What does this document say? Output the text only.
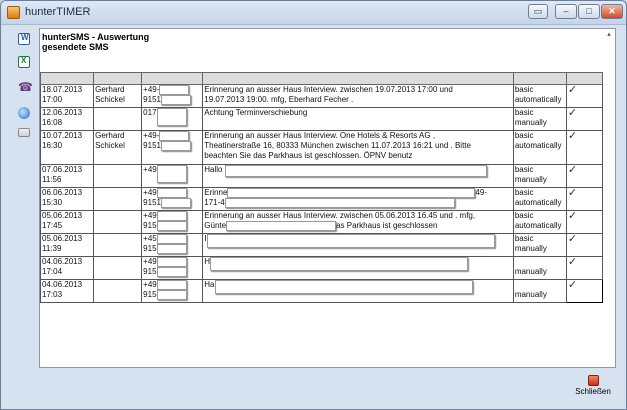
hunterTIMER	▭	–	□	✕
W
X
☎
hunterSMS - Auswertung
gesendete SMS
▴

18.07.2013
17:00	Gerhard
Schickel	+49-
9151	Erinnerung an ausser Haus Interview. zwischen 19.07.2013 17:00 und
19.07.2013 19:00. mfg, Eberhard Fecher .	basic
automatically	✓
12.06.2013
16:08		017	Achtung Terminverschiebung	basic
manually	✓
10.07.2013
16:30	Gerhard
Schickel	+49-
9151	Erinnerung an ausser Haus Interview. One Hotels & Resorts AG ,
Theatinerstraße 16, 80333 München zwischen 11.07.2013 16:21 und . Bitte
beachten Sie das Parkhaus ist geschlossen. ÖPNV benutz	basic
automatically	✓
07.06.2013
11:56		+49	Hallo	basic
manually	✓
06.06.2013
15:30		+49
9151	Erinne 49-
171-4	basic
automatically	✓
05.06.2013
17:45		+49
915	Erinnerung an ausser Haus Interview. zwischen 05.06.2013 16.45 und . mfg,
Günte as Parkhaus ist geschlossen	basic
automatically	✓
05.06.2013
11:39		+45
915	I	basic
manually	✓
04.06.2013
17:04		+49
915	H	manually	✓
04.06.2013
17:03		+49
915	Ha	manually	✓
Schließen
